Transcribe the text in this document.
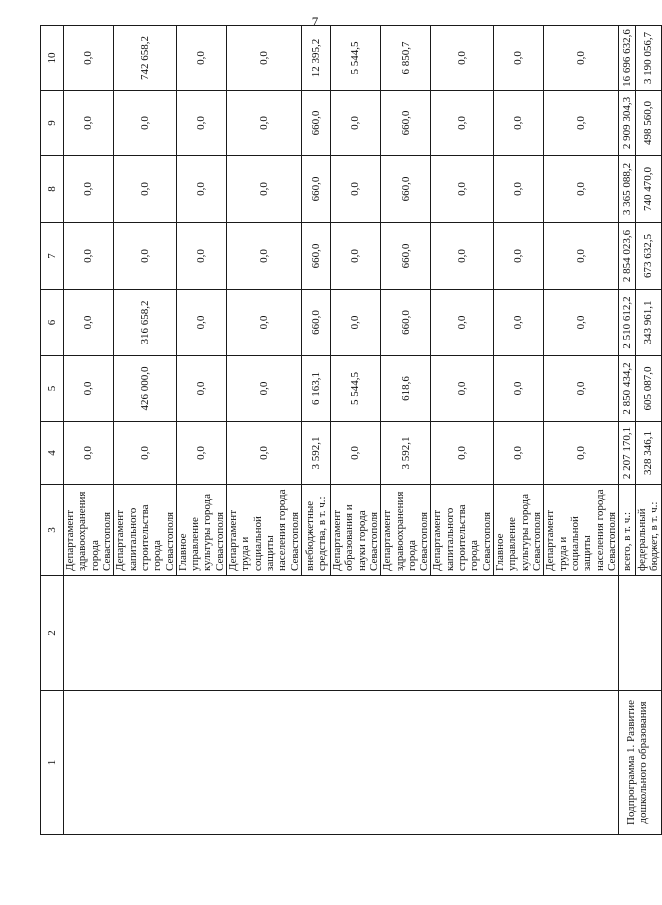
7
1	2	3	4	5	6	7	8	9	10
		Департамент здравоохранения города Севастополя	0,0	0,0	0,0	0,0	0,0	0,0	0,0
		Департамент капитального строительства города Севастополя	0,0	426 000,0	316 658,2	0,0	0,0	0,0	742 658,2
		Главное управление культуры города Севастополя	0,0	0,0	0,0	0,0	0,0	0,0	0,0
		Департамент труда и социальной защиты населения города Севастополя	0,0	0,0	0,0	0,0	0,0	0,0	0,0
		внебюджетные средства, в т. ч.:	3 592,1	6 163,1	660,0	660,0	660,0	660,0	12 395,2
		Департамент образования и науки города Севастополя	0,0	5 544,5	0,0	0,0	0,0	0,0	5 544,5
		Департамент здравоохранения города Севастополя	3 592,1	618,6	660,0	660,0	660,0	660,0	6 850,7
		Департамент капитального строительства города Севастополя	0,0	0,0	0,0	0,0	0,0	0,0	0,0
		Главное управление культуры города Севастополя	0,0	0,0	0,0	0,0	0,0	0,0	0,0
		Департамент труда и социальной защиты населения города Севастополя	0,0	0,0	0,0	0,0	0,0	0,0	0,0

Подпрограмма 1. Развитие дошкольного образования		всего, в т. ч.:	2 207 170,1	2 850 434,2	2 510 612,2	2 854 023,6	3 365 088,2	2 909 304,3	16 696 632,6
		федеральный бюджет, в т. ч.:	328 346,1	605 087,0	343 961,1	673 632,5	740 470,0	498 560,0	3 190 056,7
